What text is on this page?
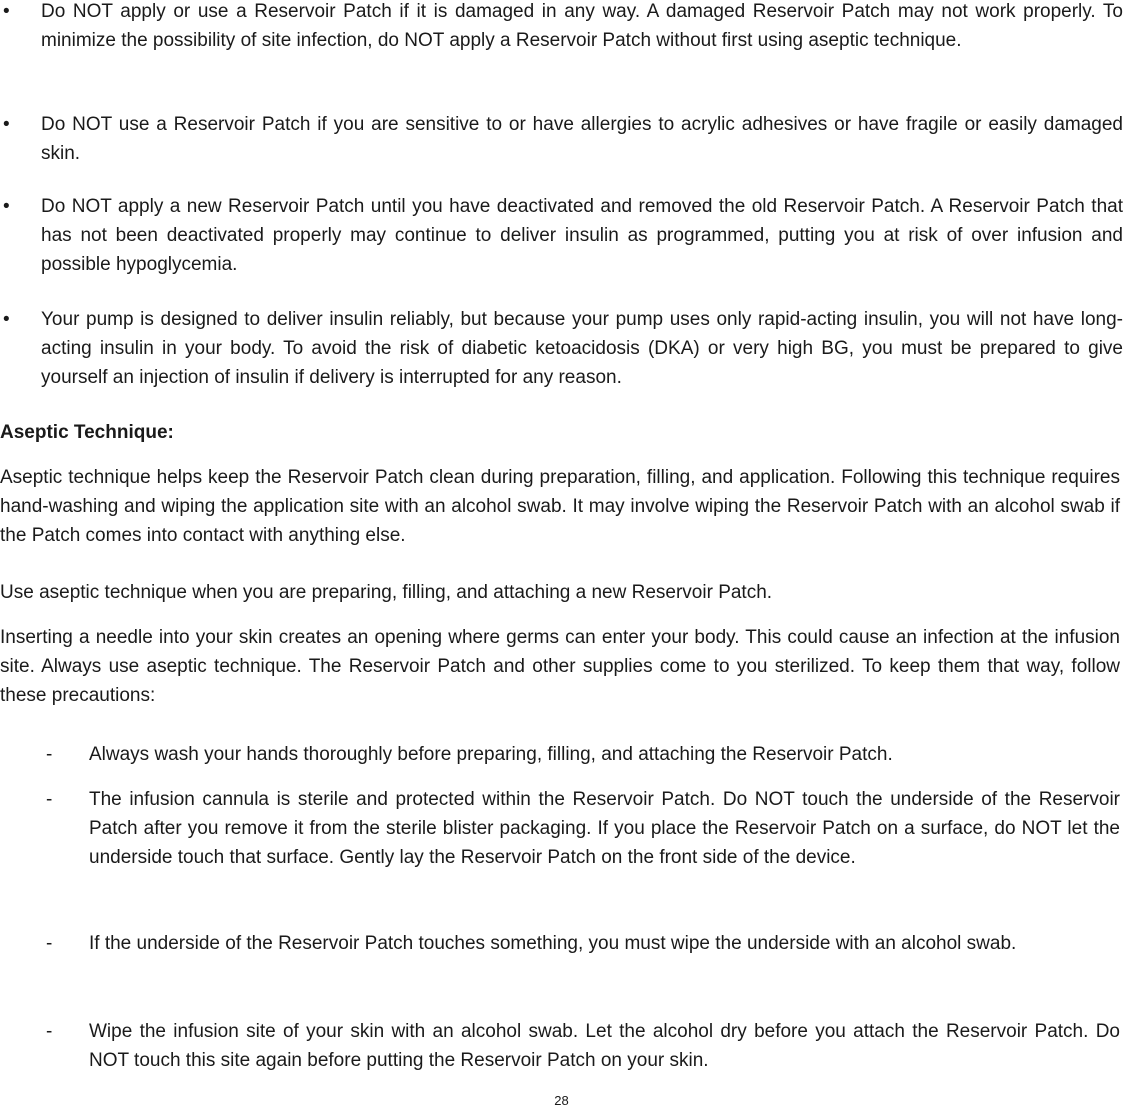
• Do NOT apply or use a Reservoir Patch if it is damaged in any way. A damaged Reservoir Patch may not work properly. To minimize the possibility of site infection, do NOT apply a Reservoir Patch without first using aseptic technique.
• Do NOT use a Reservoir Patch if you are sensitive to or have allergies to acrylic adhesives or have fragile or easily damaged skin.
• Do NOT apply a new Reservoir Patch until you have deactivated and removed the old Reservoir Patch. A Reservoir Patch that has not been deactivated properly may continue to deliver insulin as programmed, putting you at risk of over infusion and possible hypoglycemia.
• Your pump is designed to deliver insulin reliably, but because your pump uses only rapid-acting insulin, you will not have long-acting insulin in your body. To avoid the risk of diabetic ketoacidosis (DKA) or very high BG, you must be prepared to give yourself an injection of insulin if delivery is interrupted for any reason.
Aseptic Technique:
Aseptic technique helps keep the Reservoir Patch clean during preparation, filling, and application. Following this technique requires hand-washing and wiping the application site with an alcohol swab. It may involve wiping the Reservoir Patch with an alcohol swab if the Patch comes into contact with anything else.
Use aseptic technique when you are preparing, filling, and attaching a new Reservoir Patch.
Inserting a needle into your skin creates an opening where germs can enter your body. This could cause an infection at the infusion site. Always use aseptic technique. The Reservoir Patch and other supplies come to you sterilized. To keep them that way, follow these precautions:
- Always wash your hands thoroughly before preparing, filling, and attaching the Reservoir Patch.
- The infusion cannula is sterile and protected within the Reservoir Patch. Do NOT touch the underside of the Reservoir Patch after you remove it from the sterile blister packaging. If you place the Reservoir Patch on a surface, do NOT let the underside touch that surface. Gently lay the Reservoir Patch on the front side of the device.
- If the underside of the Reservoir Patch touches something, you must wipe the underside with an alcohol swab.
- Wipe the infusion site of your skin with an alcohol swab. Let the alcohol dry before you attach the Reservoir Patch. Do NOT touch this site again before putting the Reservoir Patch on your skin.
28
